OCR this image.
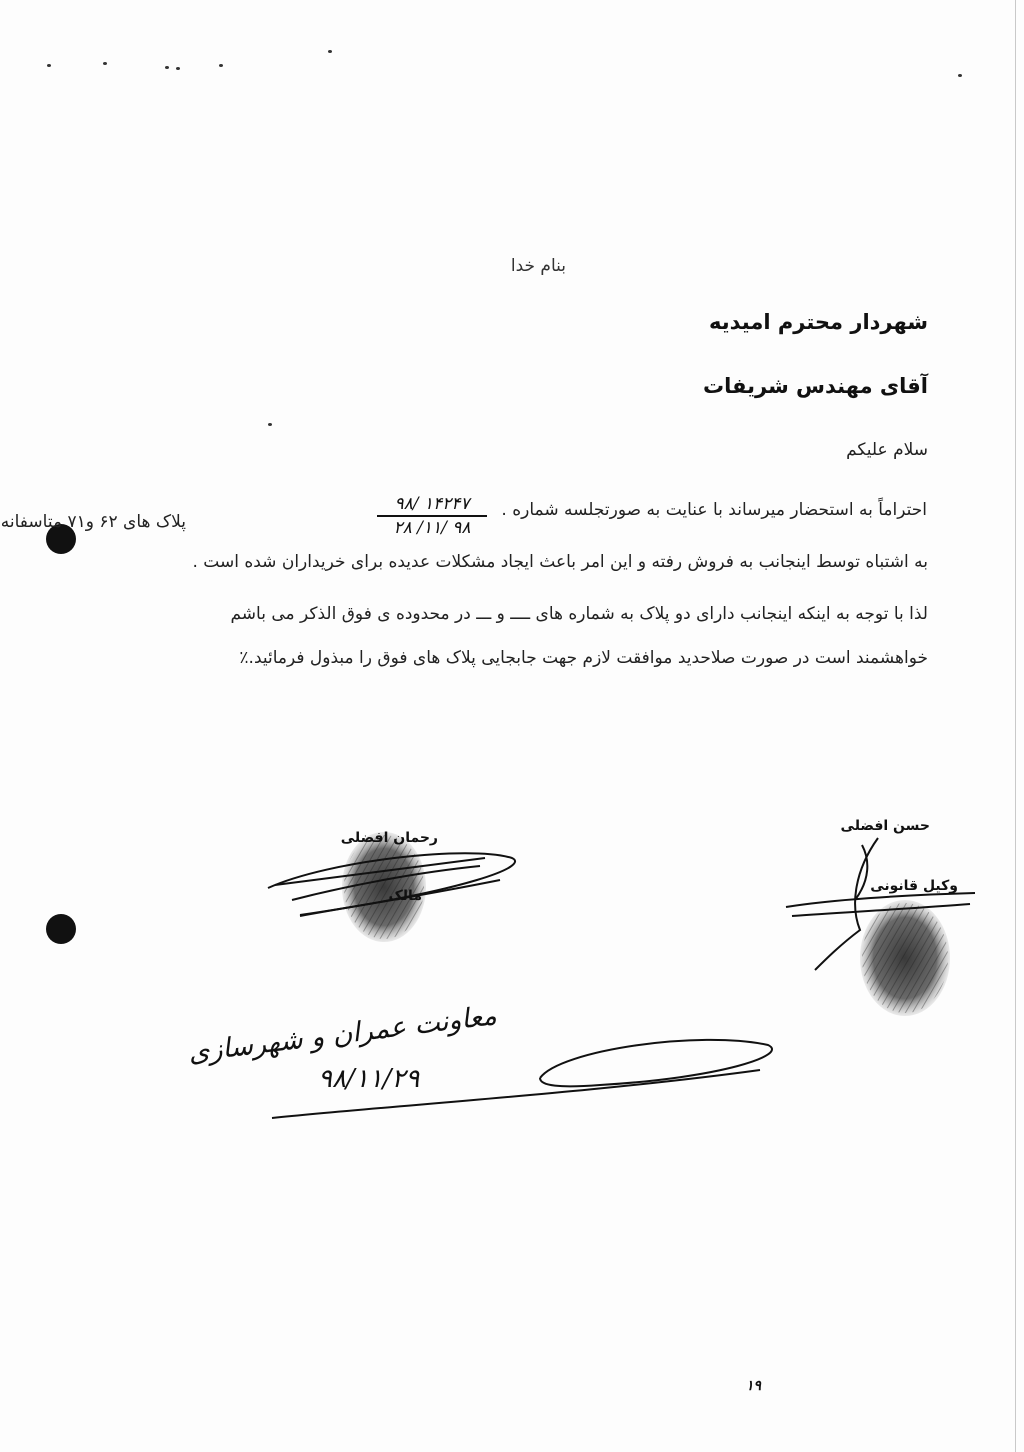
بنام خدا
شهردار محترم امیدیه
آقای مهندس شریفات
سلام علیکم
احتراماً به استحضار میرساند با عنایت به صورتجلسه شماره .
۹۸/ ۱۴۲۴۷
۲۸ /۱۱/ ۹۸
پلاک های ۶۲ و۷۱ متاسفانه
به اشتباه توسط اینجانب به فروش رفته و این امر باعث ایجاد مشکلات عدیده برای خریداران شده است .
لذا با توجه به اینکه اینجانب دارای دو پلاک به شماره های ــــ و ـــ در محدوده ی فوق الذکر می باشم
خواهشمند است در صورت صلاحدید موافقت لازم جهت جابجایی پلاک های فوق را مبذول فرمائید.٪
رحمان افضلی
مالک
حسن افضلی
وکیل قانونی
معاونت عمران و شهرسازی
۹۸/۱۱/۲۹
۱۹
